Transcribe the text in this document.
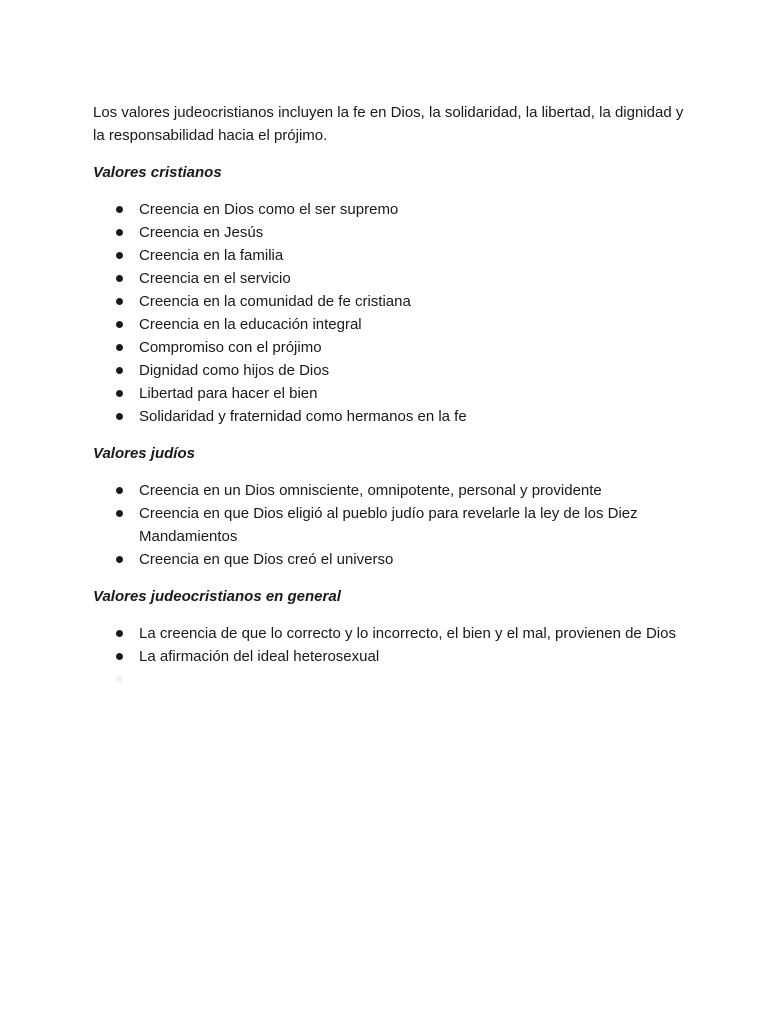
Los valores judeocristianos incluyen la fe en Dios, la solidaridad, la libertad, la dignidad y la responsabilidad hacia el prójimo.

Valores cristianos
Creencia en Dios como el ser supremo
Creencia en Jesús
Creencia en la familia
Creencia en el servicio
Creencia en la comunidad de fe cristiana
Creencia en la educación integral
Compromiso con el prójimo
Dignidad como hijos de Dios
Libertad para hacer el bien
Solidaridad y fraternidad como hermanos en la fe
Valores judíos
Creencia en un Dios omnisciente, omnipotente, personal y providente
Creencia en que Dios eligió al pueblo judío para revelarle la ley de los Diez Mandamientos
Creencia en que Dios creó el universo
Valores judeocristianos en general
La creencia de que lo correcto y lo incorrecto, el bien y el mal, provienen de Dios
La afirmación del ideal heterosexual
